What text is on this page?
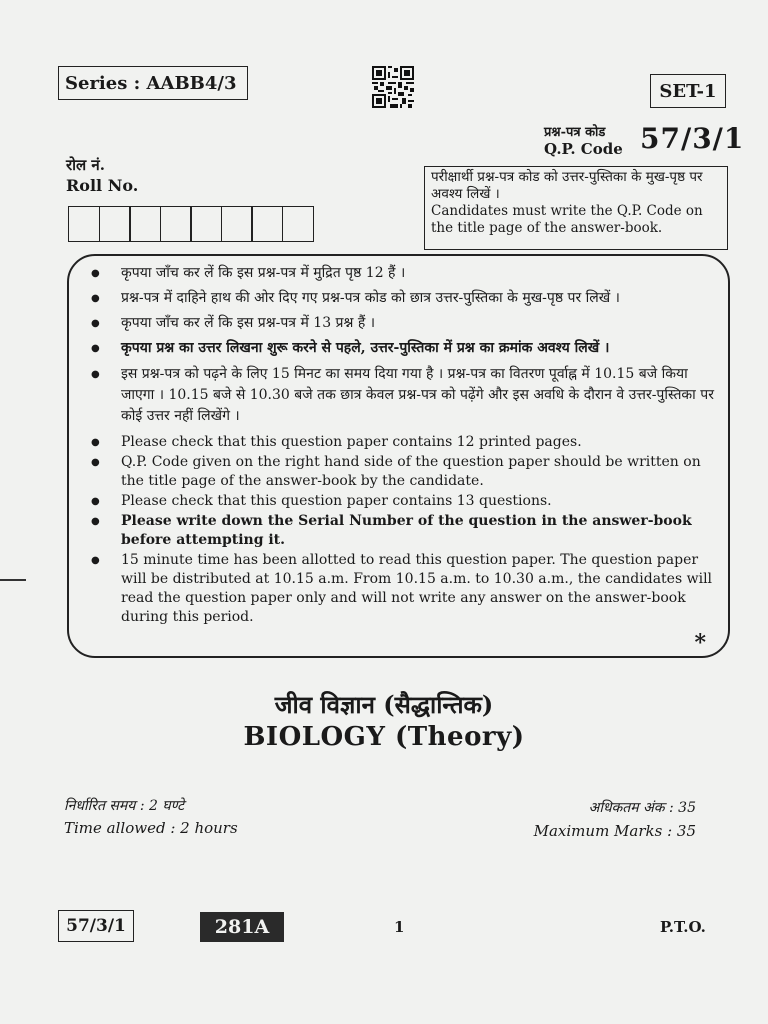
Series : AABB4/3	SET-1
प्रश्न-पत्र कोड
Q.P. Code 57/3/1
रोल नं.
Roll No.	परीक्षार्थी प्रश्न-पत्र कोड को उत्तर-पुस्तिका के मुख-पृष्ठ पर अवश्य लिखें ।

Candidates must write the Q.P. Code on the title page of the answer-book.

● कृपया जाँच कर लें कि इस प्रश्न-पत्र में मुद्रित पृष्ठ 12 हैं ।
● प्रश्न-पत्र में दाहिने हाथ की ओर दिए गए प्रश्न-पत्र कोड को छात्र उत्तर-पुस्तिका के मुख-पृष्ठ पर लिखें ।
● कृपया जाँच कर लें कि इस प्रश्न-पत्र में 13 प्रश्न हैं ।
● कृपया प्रश्न का उत्तर लिखना शुरू करने से पहले, उत्तर-पुस्तिका में प्रश्न का क्रमांक अवश्य लिखें ।
● इस प्रश्न-पत्र को पढ़ने के लिए 15 मिनट का समय दिया गया है । प्रश्न-पत्र का वितरण पूर्वाह्न में 10.15 बजे किया जाएगा । 10.15 बजे से 10.30 बजे तक छात्र केवल प्रश्न-पत्र को पढ़ेंगे और इस अवधि के दौरान वे उत्तर-पुस्तिका पर कोई उत्तर नहीं लिखेंगे ।
● Please check that this question paper contains 12 printed pages.
● Q.P. Code given on the right hand side of the question paper should be written on the title page of the answer-book by the candidate.
● Please check that this question paper contains 13 questions.
● Please write down the Serial Number of the question in the answer-book before attempting it.
● 15 minute time has been allotted to read this question paper. The question paper will be distributed at 10.15 a.m. From 10.15 a.m. to 10.30 a.m., the candidates will read the question paper only and will not write any answer on the answer-book during this period.
*
जीव विज्ञान (सैद्धान्तिक)
BIOLOGY (Theory)
निर्धारित समय : 2 घण्टे
Time allowed : 2 hours
अधिकतम अंक : 35
Maximum Marks : 35
57/3/1	281A	1	P.T.O.
